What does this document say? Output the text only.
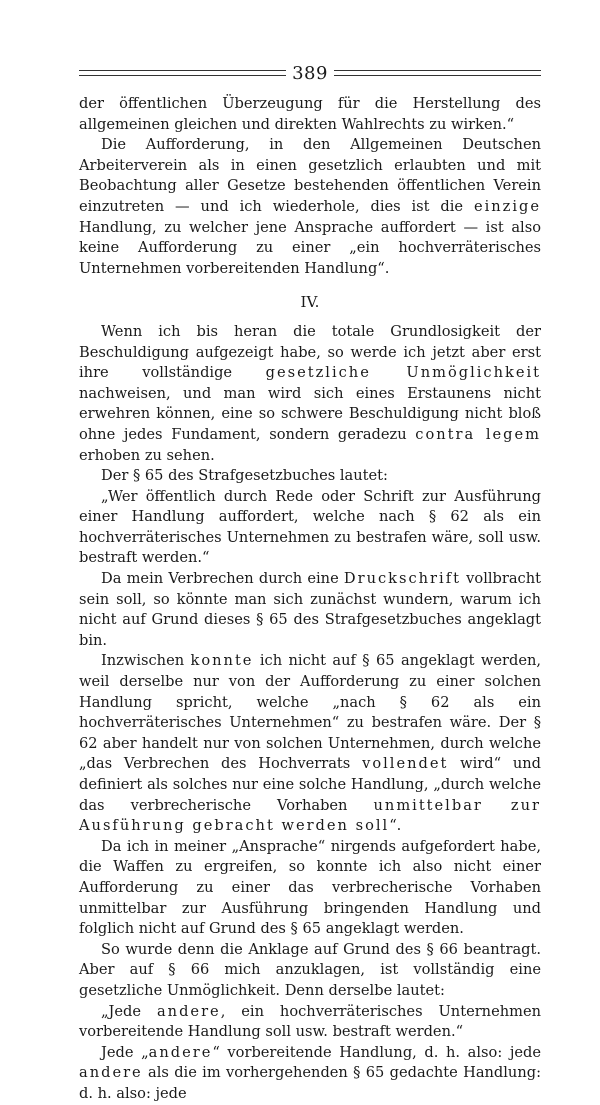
389

der öffentlichen Überzeugung für die Herstellung des allgemeinen gleichen und direkten Wahlrechts zu wirken.“

Die Aufforderung, in den Allgemeinen Deutschen Arbeiterverein als in einen gesetzlich erlaubten und mit Beobachtung aller Gesetze bestehenden öffentlichen Verein einzutreten — und ich wiederhole, dies ist die einzige Handlung, zu welcher jene Ansprache auffordert — ist also keine Aufforderung zu einer „ein hochverräterisches Unternehmen vorbereitenden Handlung“.

IV.

Wenn ich bis heran die totale Grundlosigkeit der Beschuldigung aufgezeigt habe, so werde ich jetzt aber erst ihre vollständige gesetzliche Unmöglichkeit nachweisen, und man wird sich eines Erstaunens nicht erwehren können, eine so schwere Beschuldigung nicht bloß ohne jedes Fundament, sondern geradezu contra legem erhoben zu sehen.

Der § 65 des Strafgesetzbuches lautet:

„Wer öffentlich durch Rede oder Schrift zur Ausführung einer Handlung auffordert, welche nach § 62 als ein hochverräterisches Unternehmen zu bestrafen wäre, soll usw. bestraft werden.“

Da mein Verbrechen durch eine Druckschrift vollbracht sein soll, so könnte man sich zunächst wundern, warum ich nicht auf Grund dieses § 65 des Strafgesetzbuches angeklagt bin.

Inzwischen konnte ich nicht auf § 65 angeklagt werden, weil derselbe nur von der Aufforderung zu einer solchen Handlung spricht, welche „nach § 62 als ein hochverräterisches Unternehmen“ zu bestrafen wäre. Der § 62 aber handelt nur von solchen Unternehmen, durch welche „das Verbrechen des Hochverrats vollendet wird“ und definiert als solches nur eine solche Handlung, „durch welche das verbrecherische Vorhaben unmittelbar zur Ausführung gebracht werden soll“.

Da ich in meiner „Ansprache“ nirgends aufgefordert habe, die Waffen zu ergreifen, so konnte ich also nicht einer Aufforderung zu einer das verbrecherische Vorhaben unmittelbar zur Ausführung bringenden Handlung und folglich nicht auf Grund des § 65 angeklagt werden.

So wurde denn die Anklage auf Grund des § 66 beantragt. Aber auf § 66 mich anzuklagen, ist vollständig eine gesetzliche Unmöglichkeit. Denn derselbe lautet:

„Jede andere, ein hochverräterisches Unternehmen vorbereitende Handlung soll usw. bestraft werden.“

Jede „andere“ vorbereitende Handlung, d. h. also: jede andere als die im vorhergehenden § 65 gedachte Handlung: d. h. also: jede
